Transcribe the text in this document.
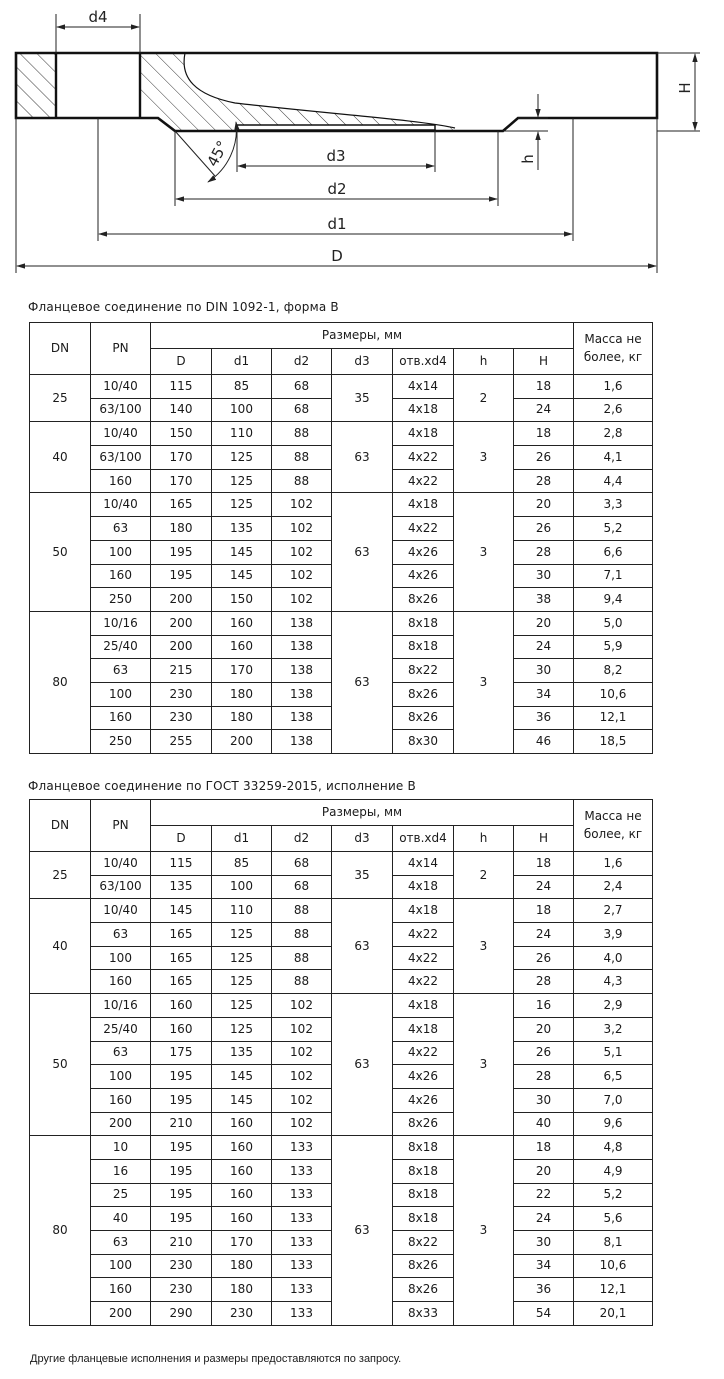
d4
H
h
45°	d3
d2
d1
D
Фланцевое соединение по DIN 1092-1, форма B
DN	PN	Размеры, мм							Масса не более, кг
		D	d1	d2	d3	отв.xd4	h	H	
25	10/40	115	85	68	35	4x14	2	18	1,6
	63/100	140	100	68		4x18		24	2,6
40	10/40	150	110	88	63	4x18	3	18	2,8
	63/100	170	125	88		4x22		26	4,1
	160	170	125	88		4x22		28	4,4
50	10/40	165	125	102	63	4x18	3	20	3,3
	63	180	135	102		4x22		26	5,2
	100	195	145	102		4x26		28	6,6
	160	195	145	102		4x26		30	7,1
	250	200	150	102		8x26		38	9,4
80	10/16	200	160	138	63	8x18	3	20	5,0
	25/40	200	160	138		8x18		24	5,9
	63	215	170	138		8x22		30	8,2
	100	230	180	138		8x26		34	10,6
	160	230	180	138		8x26		36	12,1
	250	255	200	138		8x30		46	18,5
Фланцевое соединение по ГОСТ 33259-2015, исполнение B
DN	PN	Размеры, мм							Масса не более, кг
		D	d1	d2	d3	отв.xd4	h	H	
25	10/40	115	85	68	35	4x14	2	18	1,6
	63/100	135	100	68		4x18		24	2,4
40	10/40	145	110	88	63	4x18	3	18	2,7
	63	165	125	88		4x22		24	3,9
	100	165	125	88		4x22		26	4,0
	160	165	125	88		4x22		28	4,3
50	10/16	160	125	102	63	4x18	3	16	2,9
	25/40	160	125	102		4x18		20	3,2
	63	175	135	102		4x22		26	5,1
	100	195	145	102		4x26		28	6,5
	160	195	145	102		4x26		30	7,0
	200	210	160	102		8x26		40	9,6
80	10	195	160	133	63	8x18	3	18	4,8
	16	195	160	133		8x18		20	4,9
	25	195	160	133		8x18		22	5,2
	40	195	160	133		8x18		24	5,6
	63	210	170	133		8x22		30	8,1
	100	230	180	133		8x26		34	10,6
	160	230	180	133		8x26		36	12,1
	200	290	230	133		8x33		54	20,1
Другие фланцевые исполнения и размеры предоставляются по запросу.
